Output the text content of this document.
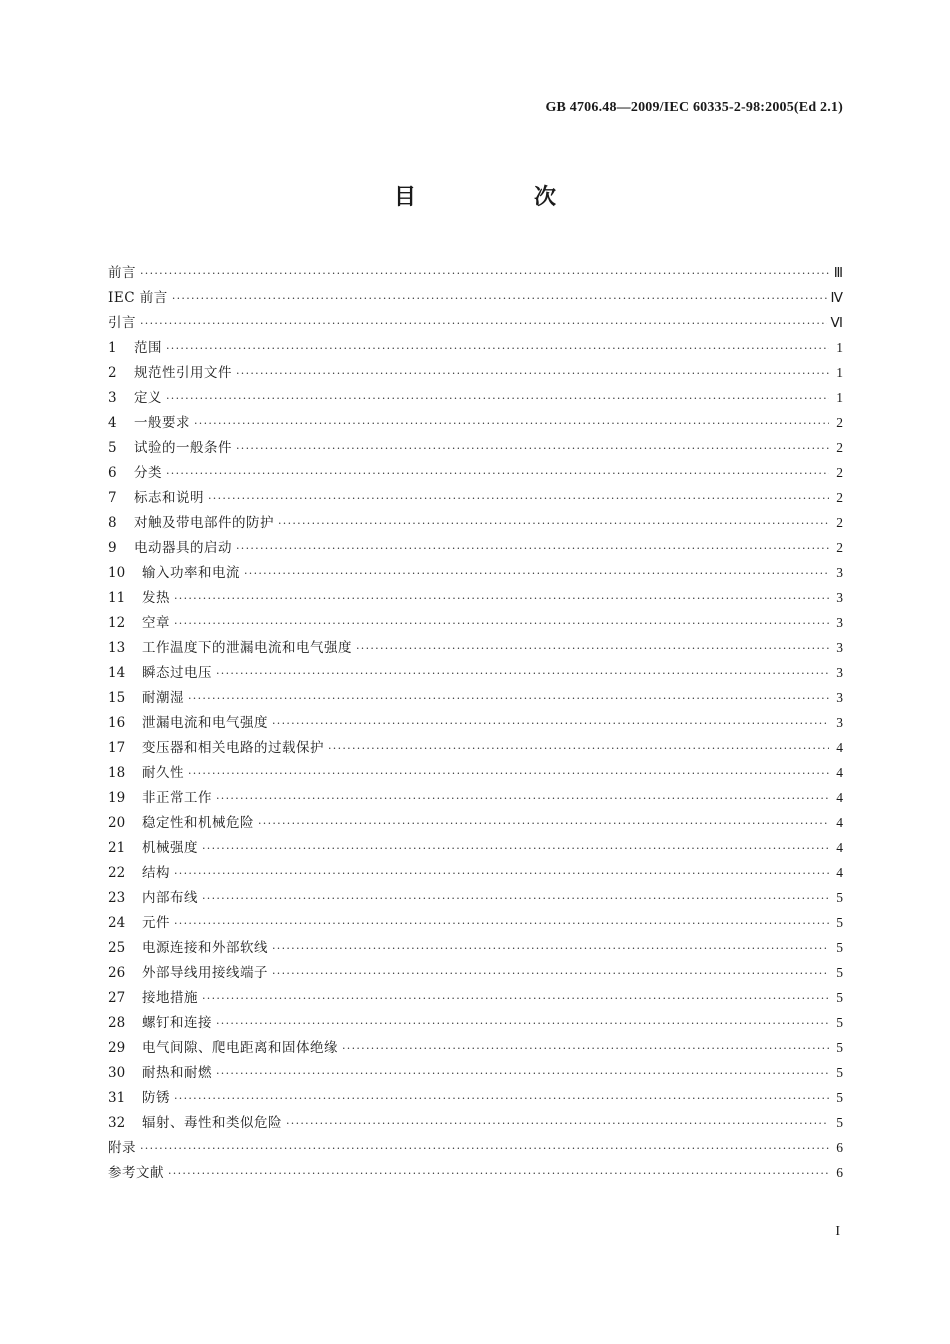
GB 4706.48—2009/IEC 60335-2-98:2005(Ed 2.1)
目　次
前言 ·····	Ⅲ
IEC 前言 ·····	Ⅳ
引言 ·····	Ⅵ
1	范围 ·····	1
2	规范性引用文件 ·····	1
3	定义 ·····	1
4	一般要求 ·····	2
5	试验的一般条件 ·····	2
6	分类 ·····	2
7	标志和说明 ·····	2
8	对触及带电部件的防护 ·····	2
9	电动器具的启动 ·····	2
10	输入功率和电流 ·····	3
11	发热 ·····	3
12	空章 ·····	3
13	工作温度下的泄漏电流和电气强度 ·····	3
14	瞬态过电压 ·····	3
15	耐潮湿 ·····	3
16	泄漏电流和电气强度 ·····	3
17	变压器和相关电路的过载保护 ·····	4
18	耐久性 ·····	4
19	非正常工作 ·····	4
20	稳定性和机械危险 ·····	4
21	机械强度 ·····	4
22	结构 ·····	4
23	内部布线 ·····	5
24	元件 ·····	5
25	电源连接和外部软线 ·····	5
26	外部导线用接线端子 ·····	5
27	接地措施 ·····	5
28	螺钉和连接 ·····	5
29	电气间隙、爬电距离和固体绝缘 ·····	5
30	耐热和耐燃 ·····	5
31	防锈 ·····	5
32	辐射、毒性和类似危险 ·····	5
附录 ·····	6
参考文献 ·····	6
I
